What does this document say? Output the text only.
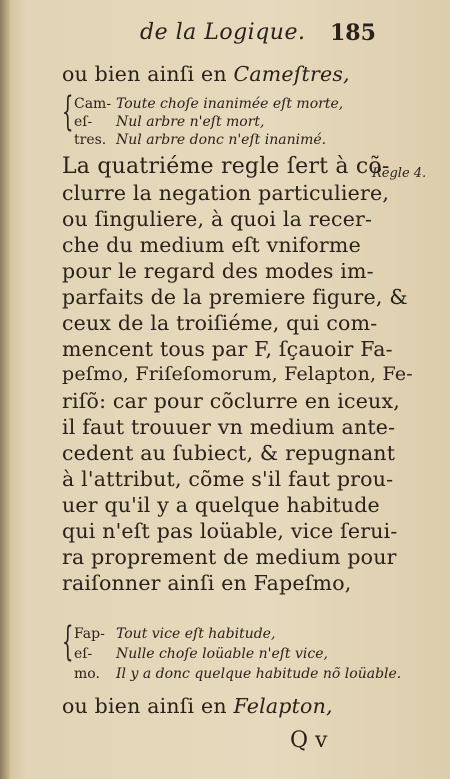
de la Logique. 185
ou bien ainſi en Cameſtres,
{ Cam- Toute choſe inanimée eſt morte,
eſ- Nul arbre n'eſt mort,
tres. Nul arbre donc n'eſt inanimé.
Regle 4.
La quatriéme regle ſert à cõ-
clurre la negation particuliere,
ou ſinguliere, à quoi la recer-
che du medium eſt vniforme
pour le regard des modes im-
parfaits de la premiere figure, &
ceux de la troiſiéme, qui com-
mencent tous par F, ſçauoir Fa-
peſmo, Friſeſomorum, Felapton, Fe-
riſõ: car pour cõclurre en iceux,
il faut trouuer vn medium ante-
cedent au ſubiect, & repugnant
à l'attribut, cõme s'il faut prou-
uer qu'il y a quelque habitude
qui n'eſt pas loüable, vice ſerui-
ra proprement de medium pour
raiſonner ainſi en Fapeſmo,
{ Fap- Tout vice eſt habitude,
eſ- Nulle choſe loüable n'eſt vice,
mo. Il y a donc quelque habitude nõ loüable.
ou bien ainſi en Felapton,
Q v
